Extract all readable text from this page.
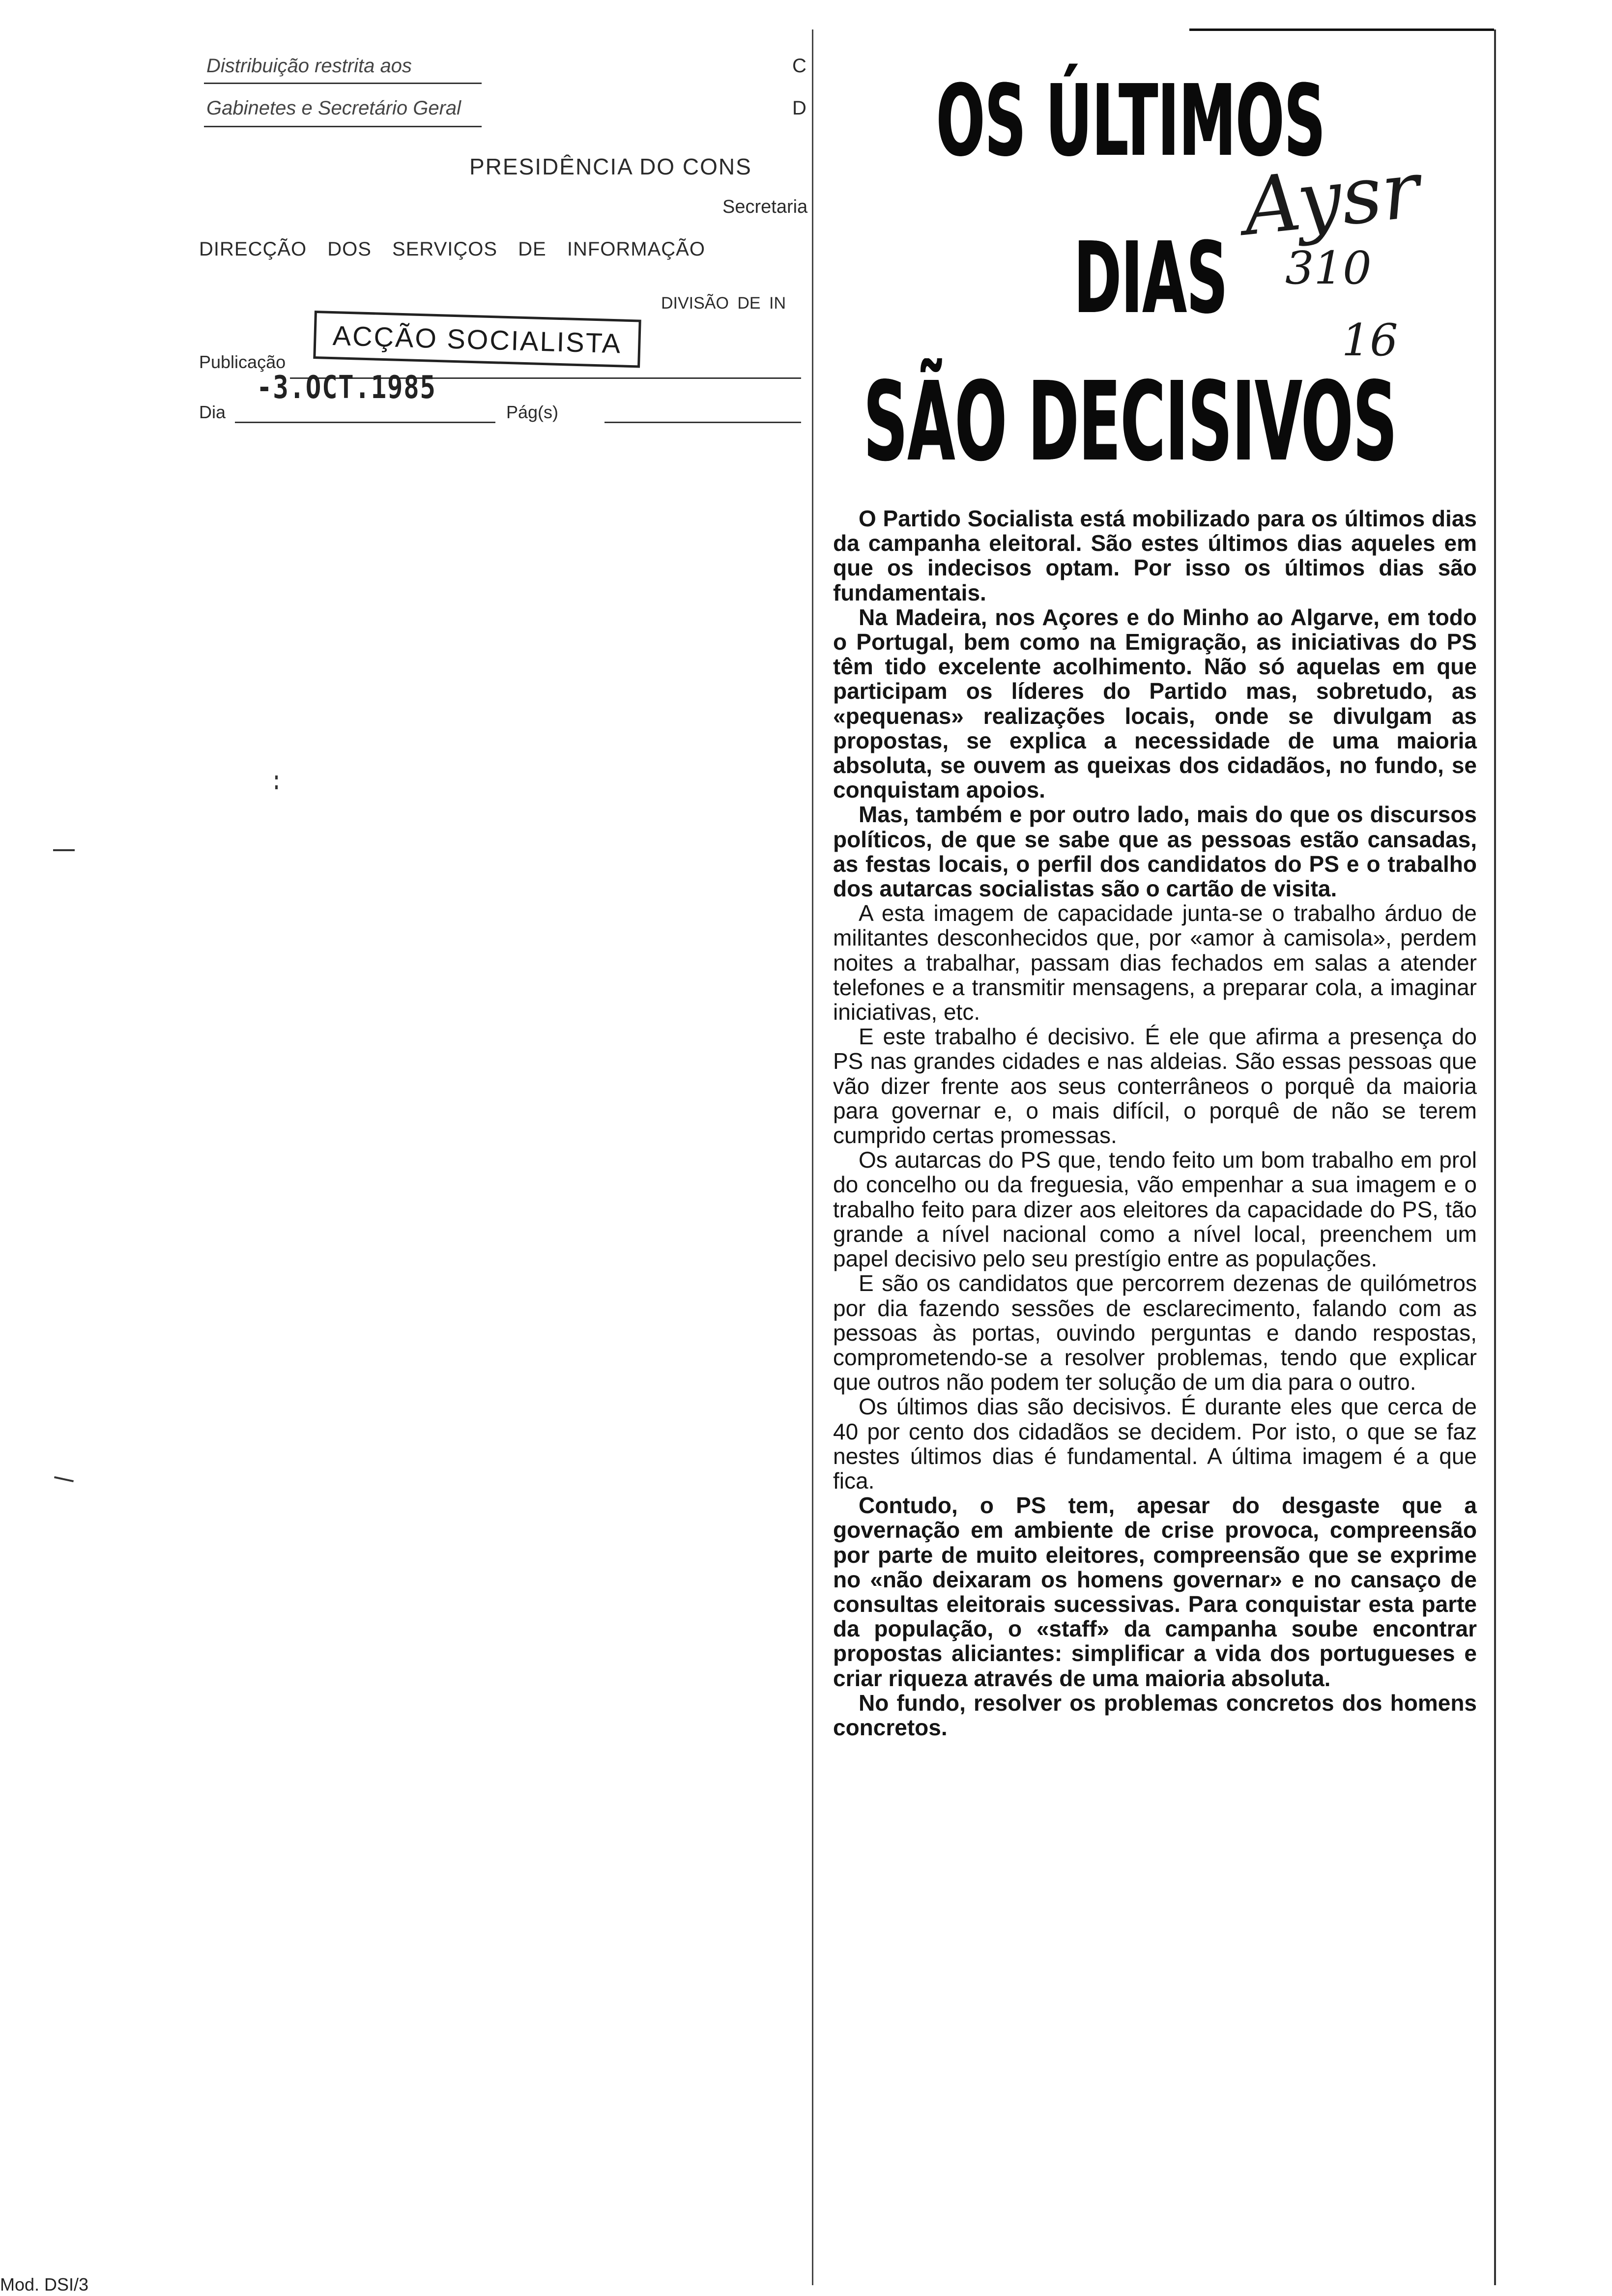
Distribuição restrita aos
Gabinetes e Secretário Geral
C
D
PRESIDÊNCIA DO CONS
Secretaria
DIRECÇÃO DOS SERVIÇOS DE INFORMAÇÃO
DIVISÃO DE IN
Publicação
ACÇÃO SOCIALISTA
-3.OCT.1985
Dia	Pág(s)
OS ÚLTIMOS
DIAS
SÃO DECISIVOS
Aysr
310
16

O Partido Socialista está mobilizado para os últimos dias da campanha eleitoral. São estes últimos dias aqueles em que os indecisos optam. Por isso os últimos dias são fundamentais.

Na Madeira, nos Açores e do Minho ao Algarve, em todo o Portugal, bem como na Emigração, as iniciativas do PS têm tido excelente acolhimento. Não só aquelas em que participam os líderes do Partido mas, sobretudo, as «pequenas» realizações locais, onde se divulgam as propostas, se explica a necessidade de uma maioria absoluta, se ouvem as queixas dos cidadãos, no fundo, se conquistam apoios.

Mas, também e por outro lado, mais do que os discursos políticos, de que se sabe que as pessoas estão cansadas, as festas locais, o perfil dos candidatos do PS e o trabalho dos autarcas socialistas são o cartão de visita.

A esta imagem de capacidade junta-se o trabalho árduo de militantes desconhecidos que, por «amor à camisola», perdem noites a trabalhar, passam dias fechados em salas a atender telefones e a transmitir mensagens, a preparar cola, a imaginar iniciativas, etc.

E este trabalho é decisivo. É ele que afirma a presença do PS nas grandes cidades e nas aldeias. São essas pessoas que vão dizer frente aos seus conterrâneos o porquê da maioria para governar e, o mais difícil, o porquê de não se terem cumprido certas promessas.

Os autarcas do PS que, tendo feito um bom trabalho em prol do concelho ou da freguesia, vão empenhar a sua imagem e o trabalho feito para dizer aos eleitores da capacidade do PS, tão grande a nível nacional como a nível local, preenchem um papel decisivo pelo seu prestígio entre as populações.

E são os candidatos que percorrem dezenas de quilómetros por dia fazendo sessões de esclarecimento, falando com as pessoas às portas, ouvindo perguntas e dando respostas, comprometendo-se a resolver problemas, tendo que explicar que outros não podem ter solução de um dia para o outro.

Os últimos dias são decisivos. É durante eles que cerca de 40 por cento dos cidadãos se decidem. Por isto, o que se faz nestes últimos dias é fundamental. A última imagem é a que fica.

Contudo, o PS tem, apesar do desgaste que a governação em ambiente de crise provoca, compreensão por parte de muito eleitores, compreensão que se exprime no «não deixaram os homens governar» e no cansaço de consultas eleitorais sucessivas. Para conquistar esta parte da população, o «staff» da campanha soube encontrar propostas aliciantes: simplificar a vida dos portugueses e criar riqueza através de uma maioria absoluta.

No fundo, resolver os problemas concretos dos homens concretos.

Mod. DSI/3
